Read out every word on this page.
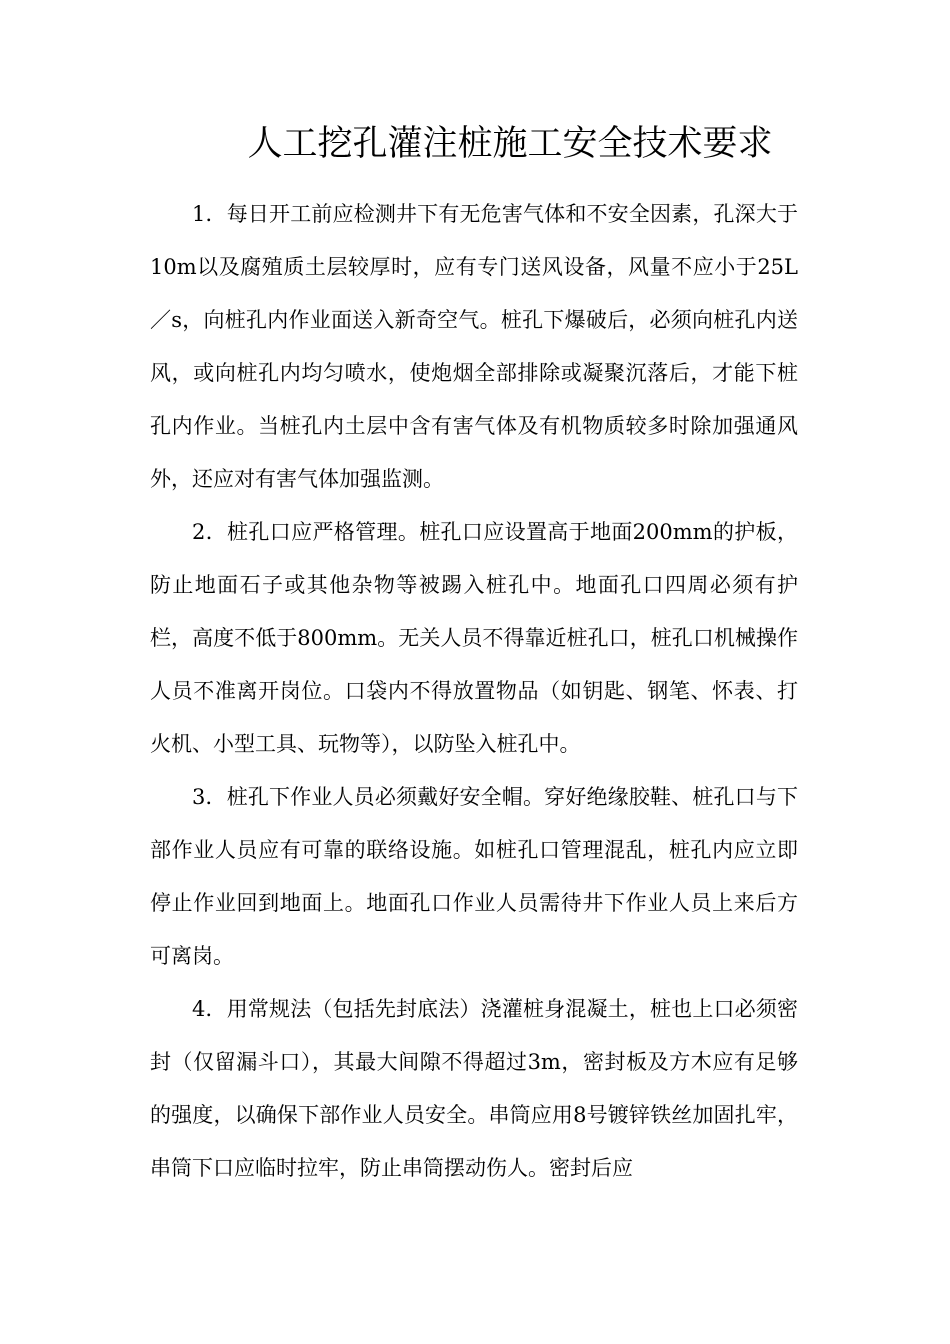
人工挖孔灌注桩施工安全技术要求

1．每日开工前应检测井下有无危害气体和不安全因素，孔深大于10m以及腐殖质土层较厚时，应有专门送风设备，风量不应小于25L／s，向桩孔内作业面送入新奇空气。桩孔下爆破后，必须向桩孔内送风，或向桩孔内均匀喷水，使炮烟全部排除或凝聚沉落后，才能下桩孔内作业。当桩孔内土层中含有害气体及有机物质较多时除加强通风外，还应对有害气体加强监测。

2．桩孔口应严格管理。桩孔口应设置高于地面200mm的护板，防止地面石子或其他杂物等被踢入桩孔中。地面孔口四周必须有护栏，高度不低于800mm。无关人员不得靠近桩孔口，桩孔口机械操作人员不准离开岗位。口袋内不得放置物品（如钥匙、钢笔、怀表、打火机、小型工具、玩物等），以防坠入桩孔中。

3．桩孔下作业人员必须戴好安全帽。穿好绝缘胶鞋、桩孔口与下部作业人员应有可靠的联络设施。如桩孔口管理混乱，桩孔内应立即停止作业回到地面上。地面孔口作业人员需待井下作业人员上来后方可离岗。

4．用常规法（包括先封底法）浇灌桩身混凝土，桩也上口必须密封（仅留漏斗口），其最大间隙不得超过3m，密封板及方木应有足够的强度，以确保下部作业人员安全。串筒应用8号镀锌铁丝加固扎牢，串筒下口应临时拉牢，防止串筒摆动伤人。密封后应
